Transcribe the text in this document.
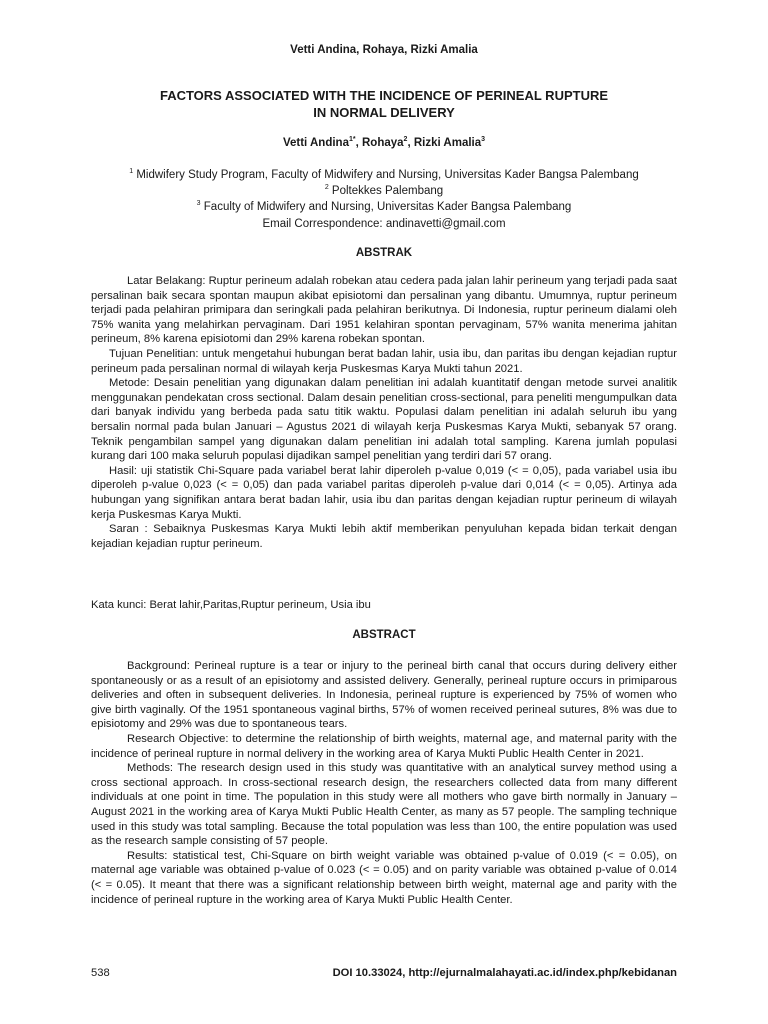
Vetti Andina, Rohaya, Rizki Amalia
FACTORS ASSOCIATED WITH THE INCIDENCE OF PERINEAL RUPTURE
IN NORMAL DELIVERY
Vetti Andina$^{1*}$, Rohaya$^2$, Rizki Amalia$^3$
$^1$ Midwifery Study Program, Faculty of Midwifery and Nursing, Universitas Kader Bangsa Palembang
$^2$ Poltekkes Palembang
$^3$ Faculty of Midwifery and Nursing, Universitas Kader Bangsa Palembang
Email Correspondence: andinavetti@gmail.com
ABSTRAK

Latar Belakang: Ruptur perineum adalah robekan atau cedera pada jalan lahir perineum yang terjadi pada saat persalinan baik secara spontan maupun akibat episiotomi dan persalinan yang dibantu. Umumnya, ruptur perineum terjadi pada pelahiran primipara dan seringkali pada pelahiran berikutnya. Di Indonesia, ruptur perineum dialami oleh 75% wanita yang melahirkan pervaginam. Dari 1951 kelahiran spontan pervaginam, 57% wanita menerima jahitan perineum, 8% karena episiotomi dan 29% karena robekan spontan.

Tujuan Penelitian: untuk mengetahui hubungan berat badan lahir, usia ibu, dan paritas ibu dengan kejadian ruptur perineum pada persalinan normal di wilayah kerja Puskesmas Karya Mukti tahun 2021.

Metode: Desain penelitian yang digunakan dalam penelitian ini adalah kuantitatif dengan metode survei analitik menggunakan pendekatan cross sectional. Dalam desain penelitian cross-sectional, para peneliti mengumpulkan data dari banyak individu yang berbeda pada satu titik waktu. Populasi dalam penelitian ini adalah seluruh ibu yang bersalin normal pada bulan Januari – Agustus 2021 di wilayah kerja Puskesmas Karya Mukti, sebanyak 57 orang. Teknik pengambilan sampel yang digunakan dalam penelitian ini adalah total sampling. Karena jumlah populasi kurang dari 100 maka seluruh populasi dijadikan sampel penelitian yang terdiri dari 57 orang.

Hasil: uji statistik Chi-Square pada variabel berat lahir diperoleh p-value 0,019 (< = 0,05), pada variabel usia ibu diperoleh p-value 0,023 (< = 0,05) dan pada variabel paritas diperoleh p-value dari 0,014 (< = 0,05). Artinya ada hubungan yang signifikan antara berat badan lahir, usia ibu dan paritas dengan kejadian ruptur perineum di wilayah kerja Puskesmas Karya Mukti.

Saran : Sebaiknya Puskesmas Karya Mukti lebih aktif memberikan penyuluhan kepada bidan terkait dengan kejadian kejadian ruptur perineum.

Kata kunci: Berat lahir,Paritas,Ruptur perineum, Usia ibu
ABSTRACT

Background: Perineal rupture is a tear or injury to the perineal birth canal that occurs during delivery either spontaneously or as a result of an episiotomy and assisted delivery. Generally, perineal rupture occurs in primiparous deliveries and often in subsequent deliveries. In Indonesia, perineal rupture is experienced by 75% of women who give birth vaginally. Of the 1951 spontaneous vaginal births, 57% of women received perineal sutures, 8% was due to episiotomy and 29% was due to spontaneous tears.

Research Objective: to determine the relationship of birth weights, maternal age, and maternal parity with the incidence of perineal rupture in normal delivery in the working area of Karya Mukti Public Health Center in 2021.

Methods: The research design used in this study was quantitative with an analytical survey method using a cross sectional approach. In cross-sectional research design, the researchers collected data from many different individuals at one point in time. The population in this study were all mothers who gave birth normally in January – August 2021 in the working area of Karya Mukti Public Health Center, as many as 57 people. The sampling technique used in this study was total sampling. Because the total population was less than 100, the entire population was used as the research sample consisting of 57 people.

Results: statistical test, Chi-Square on birth weight variable was obtained p-value of 0.019 (< = 0.05), on maternal age variable was obtained p-value of 0.023 (< = 0.05) and on parity variable was obtained p-value of 0.014 (< = 0.05). It meant that there was a significant relationship between birth weight, maternal age and parity with the incidence of perineal rupture in the working area of Karya Mukti Public Health Center.

538	DOI 10.33024, http://ejurnalmalahayati.ac.id/index.php/kebidanan
